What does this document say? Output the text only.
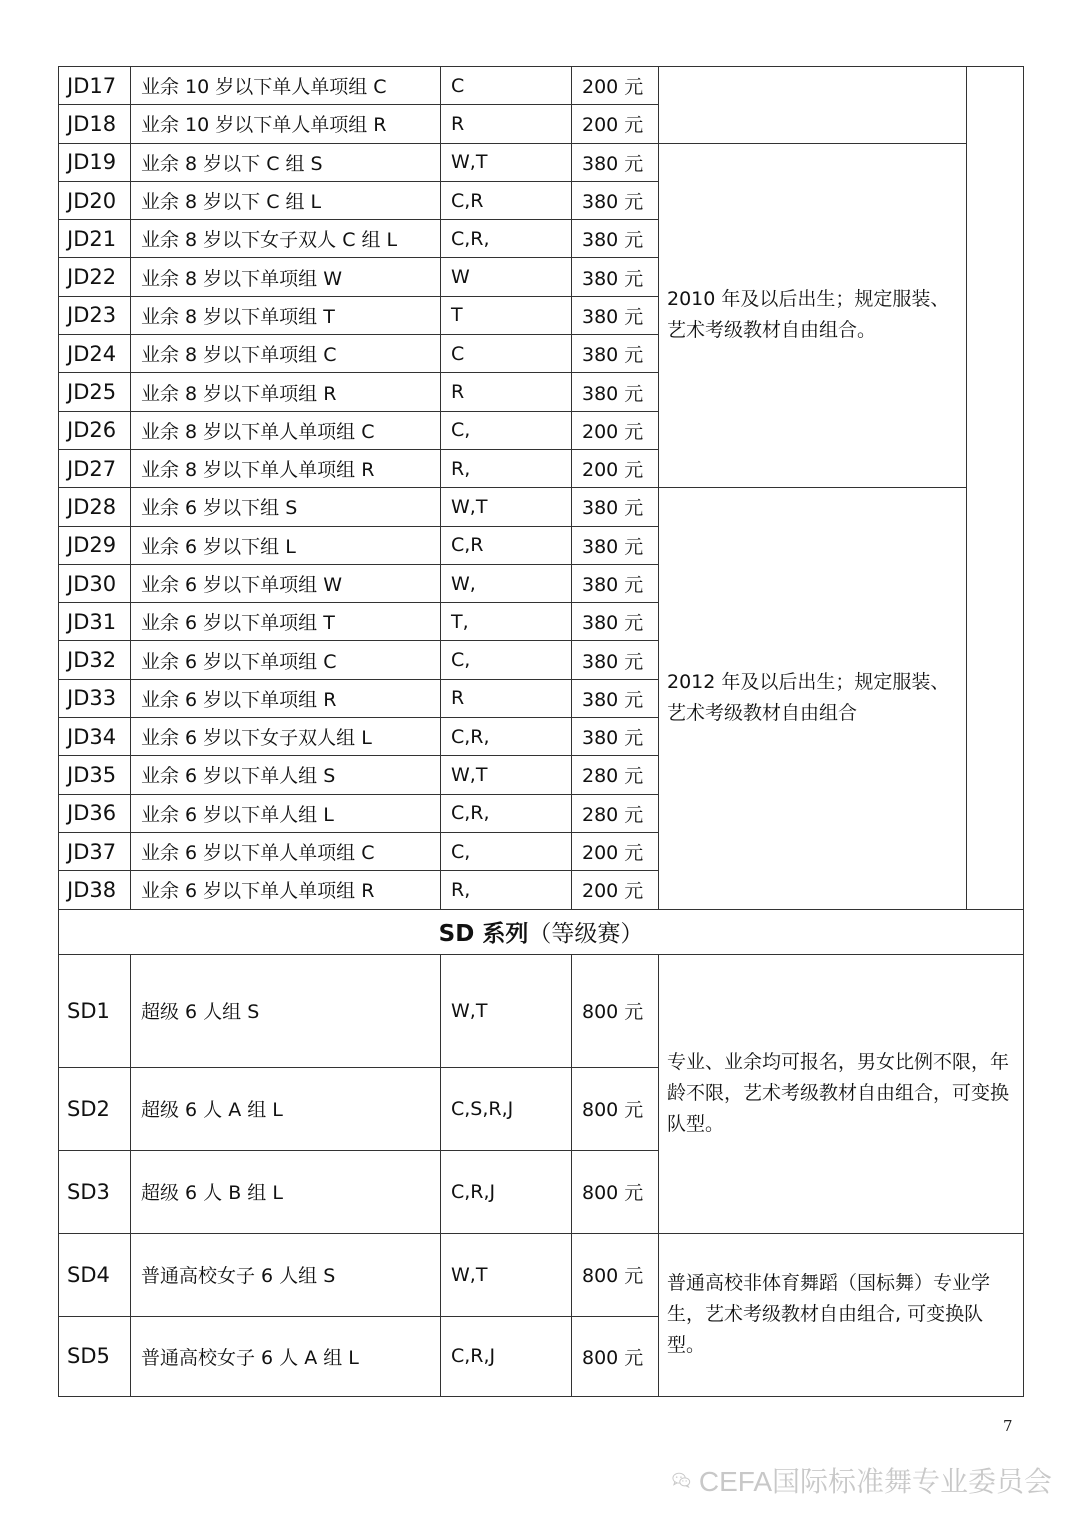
JD17	业余 10 岁以下单人单项组 C	C	200 元		
JD18	业余 10 岁以下单人单项组 R	R	200 元		
JD19	业余 8 岁以下 C 组 S	W,T	380 元	2010 年及以后出生；规定服装、艺术考级教材自由组合。	
JD20	业余 8 岁以下 C 组 L	C,R	380 元		
JD21	业余 8 岁以下女子双人 C 组 L	C,R,	380 元		
JD22	业余 8 岁以下单项组 W	W	380 元		
JD23	业余 8 岁以下单项组 T	T	380 元		
JD24	业余 8 岁以下单项组 C	C	380 元		
JD25	业余 8 岁以下单项组 R	R	380 元		
JD26	业余 8 岁以下单人单项组 C	C,	200 元		
JD27	业余 8 岁以下单人单项组 R	R,	200 元		
JD28	业余 6 岁以下组 S	W,T	380 元	2012 年及以后出生；规定服装、艺术考级教材自由组合	
JD29	业余 6 岁以下组 L	C,R	380 元		
JD30	业余 6 岁以下单项组 W	W,	380 元		
JD31	业余 6 岁以下单项组 T	T,	380 元		
JD32	业余 6 岁以下单项组 C	C,	380 元		
JD33	业余 6 岁以下单项组 R	R	380 元		
JD34	业余 6 岁以下女子双人组 L	C,R,	380 元		
JD35	业余 6 岁以下单人组 S	W,T	280 元		
JD36	业余 6 岁以下单人组 L	C,R,	280 元		
JD37	业余 6 岁以下单人单项组 C	C,	200 元		
JD38	业余 6 岁以下单人单项组 R	R,	200 元		
SD 系列（等级赛）					
SD1	超级 6 人组 S	W,T	800 元	专业、业余均可报名，男女比例不限，年龄不限，艺术考级教材自由组合，可变换队型。	
SD2	超级 6 人 A 组 L	C,S,R,J	800 元		
SD3	超级 6 人 B 组 L	C,R,J	800 元		
SD4	普通高校女子 6 人组 S	W,T	800 元	普通高校非体育舞蹈（国标舞）专业学生，艺术考级教材自由组合, 可变换队型。	
SD5	普通高校女子 6 人 A 组 L	C,R,J	800 元		
7
CEFA国际标准舞专业委员会
